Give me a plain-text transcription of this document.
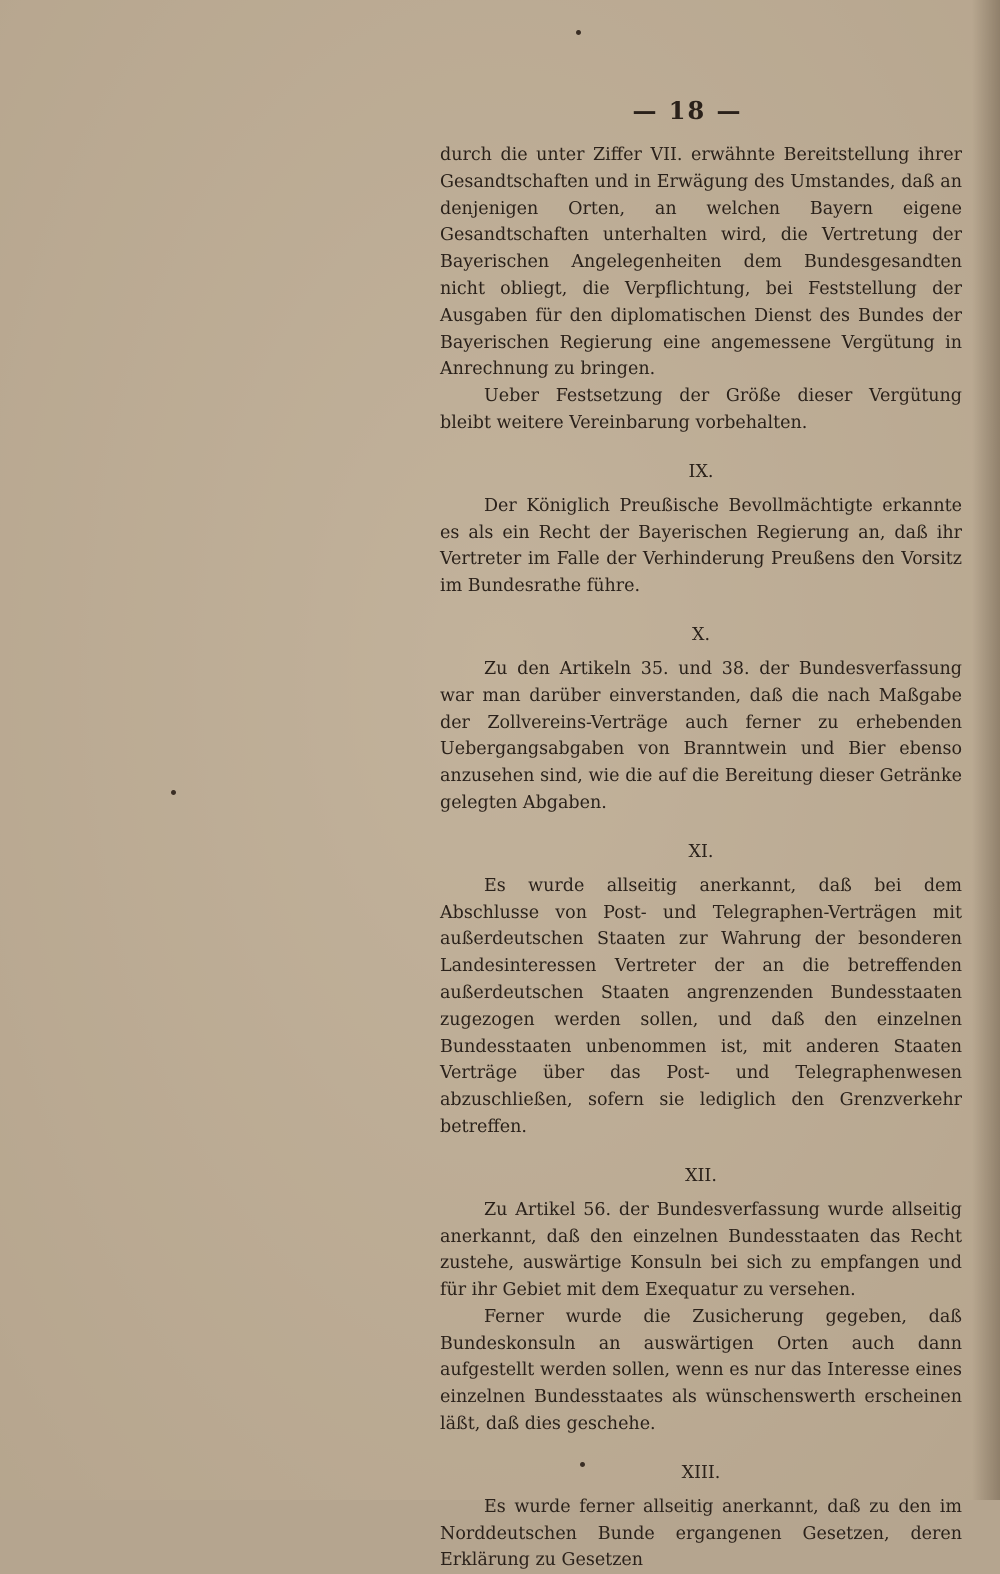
— 18 —

durch die unter Ziffer VII. erwähnte Bereitstellung ihrer Gesandtschaften und in Erwägung des Umstandes, daß an denjenigen Orten, an welchen Bayern eigene Gesandtschaften unterhalten wird, die Vertretung der Bayerischen Angelegenheiten dem Bundesgesandten nicht obliegt, die Verpflichtung, bei Feststellung der Ausgaben für den diplomatischen Dienst des Bundes der Bayerischen Regierung eine angemessene Vergütung in Anrechnung zu bringen.

Ueber Festsetzung der Größe dieser Vergütung bleibt weitere Vereinbarung vorbehalten.

IX.

Der Königlich Preußische Bevollmächtigte erkannte es als ein Recht der Bayerischen Regierung an, daß ihr Vertreter im Falle der Verhinderung Preußens den Vorsitz im Bundesrathe führe.

X.

Zu den Artikeln 35. und 38. der Bundesverfassung war man darüber einverstanden, daß die nach Maßgabe der Zollvereins-Verträge auch ferner zu erhebenden Uebergangsabgaben von Branntwein und Bier ebenso anzusehen sind, wie die auf die Bereitung dieser Getränke gelegten Abgaben.

XI.

Es wurde allseitig anerkannt, daß bei dem Abschlusse von Post- und Telegraphen-Verträgen mit außerdeutschen Staaten zur Wahrung der besonderen Landesinteressen Vertreter der an die betreffenden außerdeutschen Staaten angrenzenden Bundesstaaten zugezogen werden sollen, und daß den einzelnen Bundesstaaten unbenommen ist, mit anderen Staaten Verträge über das Post- und Telegraphenwesen abzuschließen, sofern sie lediglich den Grenzverkehr betreffen.

XII.

Zu Artikel 56. der Bundesverfassung wurde allseitig anerkannt, daß den einzelnen Bundesstaaten das Recht zustehe, auswärtige Konsuln bei sich zu empfangen und für ihr Gebiet mit dem Exequatur zu versehen.

Ferner wurde die Zusicherung gegeben, daß Bundeskonsuln an auswärtigen Orten auch dann aufgestellt werden sollen, wenn es nur das Interesse eines einzelnen Bundesstaates als wünschenswerth erscheinen läßt, daß dies geschehe.

XIII.

Es wurde ferner allseitig anerkannt, daß zu den im Norddeutschen Bunde ergangenen Gesetzen, deren Erklärung zu Gesetzen
